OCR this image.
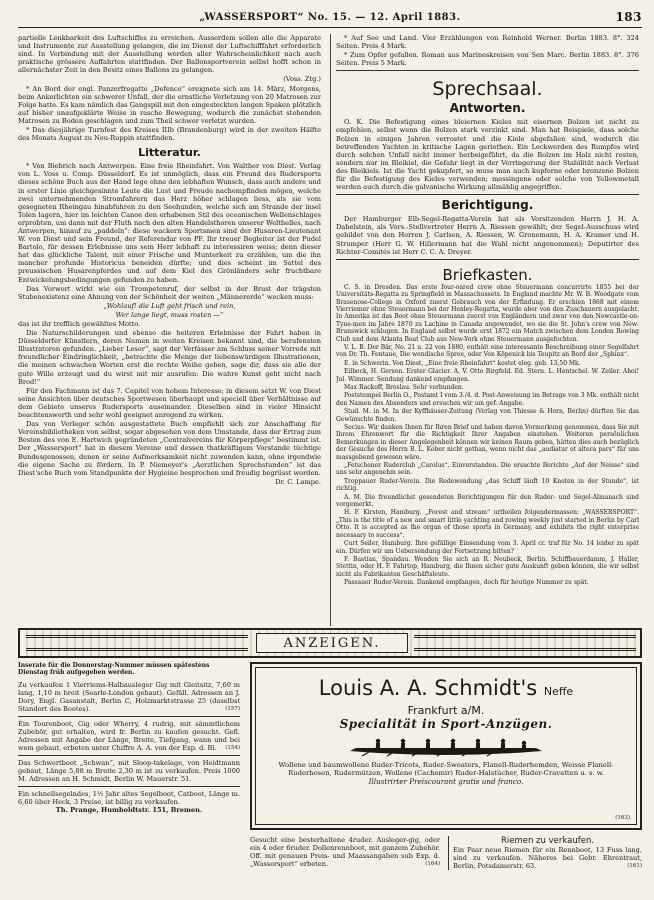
„WASSERSPORT“ No. 15. — 12. April 1883.	183

partielle Lenkbarkeit des Luftschiffes zu erreichen. Ausserdem sollen alle die Apparate und Instrumente zur Ausstellung gelangen, die im Dienst der Luftschifffahrt erforderlich sind. In Verbindung mit der Ausstellung werden aller Wahrscheinlichkeit nach auch praktische grössere Auffahrten stattfinden. Der Ballonsportverein selbst hofft schon in allernächster Zeit in den Besitz eines Ballons zu gelangen.

(Voss. Ztg.)

* An Bord der engl. Panzerfregatte „Defence“ ereignete sich am 14. März, Morgens, beim Ankerlichten ein schwerer Unfall, der die ernstliche Verletzung von 20 Matrosen zur Folge hatte. Es kam nämlich das Gangspill mit den eingesteckten langen Spaken plötzlich auf bisher unaufgeklärte Weise in rasche Bewegung, wodurch die zunächst stehenden Matrosen zu Boden geschlagen und zum Theil schwer verletzt wurden.

* Das diesjährige Turnfest des Kreises IIIb (Brandenburg) wird in der zweiten Hälfte des Monats August zu Neu-Ruppin stattfinden.

Litteratur.

* Von Biebrich nach Antwerpen. Eine freie Rheinfahrt. Von Walther von Diest. Verlag von L. Voss u. Comp. Düsseldorf. Es ist unmöglich, dass ein Freund des Rudersports dieses schöne Buch aus der Hand lege ohne den lebhaften Wunsch, dass auch andere und in erster Linie gleichgesinnte Leute die Lust und Freude nachempfinden mögen, welche zwei unternehmenden Stromfahrern das Herz höher schlagen liess, als sie vom gesegneten Rheingau hinabfuhren zu den Seehunden, welche sich am Strande der insel Tolen lagern, hier im leichten Canoe den erhabenen Stil des oceanischen Wellenschlages erprobten, um dann mit der Fluth nach den alten Handelsthoren unserer Welthelles, nach Antwerpen, hinauf zu „paddeln“: diese wackern Sportsmen sind der Husaren-Lieutenant W. von Diest und sein Freund, der Referendar von PF. Ihr treuer Begleiter ist der Pudel Bartolo, für dessen Erlebnisse uns sein Herr lebhaft zu interessiren weiss; denn dieser hat das glückliche Talent, mit einer Frische und Munterkeit zu erzählen, um die ihn mancher profunde Historicus beneiden dürfte; und dies scheint im Sattel des preussischen Husarenpferdes und auf dem Kiel des Grönländers sehr fruchtbare Entwickelungsbedingungen gefunden zu haben.

Das Vorwort wirkt wie ein Trompetenruf, der selbst in der Brust der trägsten Stubenexistenz eine Ahnung von der Schönheit der weiten „Männererde“ wecken muss:

„Wohlauf! die Luft geht frisch und rein,

Wer lange liegt, muss rosten —“

das ist ihr trefflich gewähltes Motto.

Die Naturschilderungen und ebenso die heiteren Erlebnisse der Fahrt haben in Düsseldorfer Künstlern, deren Namen in weiten Kreisen bekannt sind, die berufensten Illustratoren gefunden. „Lieber Leser“, sagt der Verfasser am Schluss seiner Vorrede mit freundlicher Eindringlichkeit, „betrachte die Menge der liebenswürdigen Illustrationen, die meinen schwachen Worten erst die rechte Weihe geben, sage dir, dass sie alle der gute Wille erzeugt und du wirst mit mir ausrufen: Die wahre Kunst geht nicht nach Brod!“

Für den Fachmann ist das 7. Capitel von hohem Interesse; in diesem setzt W. von Diest seine Ansichten über deutsches Sportwesen überhaupt und speciell über Verhältnisse auf dem Gebiete unseres Rudersports auseinander. Dieselben sind in vieler Hinsicht beachtenswerth und sehr wohl geeignet anregend zu wirken.

Das von Verleger schön ausgestattete Buch empfiehlt sich zur Anschaffung für Vereinsbibliotheken von selbst, sogar abgesehen von dem Umstande, dass der Ertrag zum Besten des von E. Hartwich gegründeten „Centralvereins für Körperpflege“ bestimmt ist. Der „Wassersport“ hat in diesem Vereine und dessen thatkräftigem Vorstande tüchtige Bundesgenossen, denen er seine Aufmerksamkeit nicht zuwenden kann, ohne irgendwie die eigene Sache zu fördern. In P. Niemeyer's „Aerztlichen Sprechstunden“ ist das Diest'sche Buch vom Standpunkte der Hygieine besprochen und freudig begrüsst worden.

Dr. C. Lampe.

* Auf See und Land. Vier Erzählungen von Reinhold Werner. Berlin 1883. 8°. 324 Seiten. Preis 4 Mark.

* Zum Opfer gefallen. Roman aus Marineskreisen von Sen Marc. Berlin 1883. 8°. 376 Seiten. Preis 5 Mark.

Sprechsaal.
Antworten.

O. K. Die Befestigung eines bleiernen Kieles mit eisernen Bolzen ist nicht zu empfehlen, selbst wenn die Bolzen stark verzinkt sind. Man hat Beispiele, dass solche Bolzen in einigen Jahren verrostet und die Kiele abgefallen sind, wodurch die betreffenden Yachten in kritische Lagen geriethen. Ein Leckwerden des Rumpfes wird durch solchen Unfall nicht immer herbeigeführt, da die Bolzen im Holz nicht rosten, sondern nur im Bleikiel, die Gefahr liegt in der Verringerung der Stabilität nach Verlust des Bleikiels. Ist die Yacht gekupfert, so muss man auch kupferne oder bronzene Bolzen für die Befestigung des Kieles verwenden; messingene oder solche von Yellowmetall werden auch durch die galvanische Wirkung allmählig angegriffen.

Berichtigung.

Der Hamburger Elb-Segel-Regatta-Verein hat als Vorsitzenden Herrn J. H. A. Dabelstein, als Vors.-Stellvertreter Herrn A. Riessen gewählt; der Segel-Ausschuss wird gebildet von den Herren J. Carlsen, A. Riessen, W. Gronemann, H. A. Kramer und H. Strumper (Herr G. W. Hillermann hat die Wahl nicht angenommen); Deputirter des Richter-Comités ist Herr C. C. A. Dreyer.

Briefkasten.

C. S. in Dresden. Das erste four-oared crew ohne Steuermann concurrirte 1855 bei der Universitäts-Regatta zu Springfield in Massachussets. In England machte Mr. W. B. Woodgate vom Brasenose-College in Oxford zuerst Gebrauch von der Erfindung. Er erschien 1868 mit einem Vierriemer ohne Steuermann bei der Henley-Regatta, wurde aber von den Zuschauern ausgelacht. In Amerika ist das Boot ohne Steuermann zuerst von Engländern und zwar von den Newcastle-on-Tyne-men im Jahre 1870 zu Lachine in Canada angewendet, wo sie die St. John's crew von New-Brunswick schlugen. In England selbst wurde erst 1872 ein Match zwischen dem London Rowing Club und dem Atlanta Boat Club aus New-York ohne Steuermann ausgefochten.

V. L. B. Der Bär, No. 21 u. 22 von 1880, enthält eine interessante Beschreibung einer Segelfahrt von Dr. Th. Fontane, Die wendische Spree, oder Von Köpenick bis Teupitz an Bord der „Sphinx“.

E. in Schwerin. Von Diest, „Eine freie Rheinfahrt“ kostet eleg. geb. 13,50 Mk.

Eilbeck, H. Gerson. Erster Glacier. A. V. Otto Birgfeld. Ed. Stern. L. Hentschel. W. Zeiler. Ahoi! Jul. Wimmer. Sendung dankend empfangen.

Max Rackoff, Breslau. Sehr verbunden.

Poststempel Berlin O., Postamt I vom 3./4. d. Post-Anweisung im Betrage von 3 Mk. enthält nicht den Namen des Absenders und ersuchen wir um gef. Angabe.

Stud. M. in M. In der Kyffhäuser-Zeitung (Verlag von Thiesse & Horn, Berlin) dürften Sie das Gewünschte finden.

Socius. Wir danken Ihnen für Ihren Brief und haben davon Vormerkung genommen, dass Sie mit Ihrem Ehrenwort für die Richtigkeit Ihrer Angaben einstehen. Weiteren persönlichen Bemerkungen in dieser Angelegenheit können wir keinen Raum geben, hätten dies auch bezüglich der Gesuche des Herrn B. L. Kober nicht gethan, wenn nicht das „audiatur et altera pars“ für uns massgebend gewesen wäre.

„Fetschener Ruderclub „Carolus“. Einverstanden. Die ersuchte Berichte „Auf der Neisse“ sind uns sehr angenehm sein.

Troppauer Ruder-Verein. Die Redewendung „das Schiff läuft 10 Knoten in der Stunde“, ist richtig.

A. M. Die freundlichst gesendeten Berichtigungen für den Ruder- und Segel-Almanach sind vorgemerkt.

H. F. Kirsten, Hamburg. „Forest and stream“ urtheilen folgendermassen: „WASSERSPORT“. „This is the title of a new and smart little yachting and rowing weekly just started in Berlin by Carl Otto. It is accepted as the organ of those sports in Germany, and exhibits the right enterprise necessary to success“.

Curt Seiler, Hamburg. Ihre gefällige Einsendung vom 3. April cr. traf für No. 14 leider zu spät ein. Dürfen wir um Uebersendung der Fortsetzung bitten?

F. Bastian, Spandau. Wenden Sie sich an R. Neubeck, Berlin, Schiffbauerdamm, J. Haller, Stettin, oder H. F. Fahrtop, Hamburg, die Ihnen sicher gute Auskunft geben können, die wir selbst nicht als Fabrikanten Geschäftsleute.

Passauer Ruder-Verein. Dankend empfangen, doch für heutige Nummer zu spät.

ANZEIGEN.
Inserate für die Donnerstag-Nummer müssen spätestens Dienstag früh aufgegeben werden.
Zu verkaufen 1 Vierriems-Halbausleger Gig mit Gleitsitz, 7,60 m lang, 1,10 m breit (Searle-London gebaut). Gefäll. Adressen an J. Dory, Engl. Gasanstalt, Berlin C, Holzmarktstrasse 25 (daselbst Standort des Bootes).	(157)
Ein Tourenboot, Gig oder Wherry, 4 rudrig, mit sämmtlichem Zubehör, gut erhalten, wird fr. Berlin zu kaufen gesucht. Gefl. Adressen mit Angabe der Länge, Breite, Tiefgang, wann und bei wem gebaut, erbeten unter Chiffre A. A. von der Exp. d. Bl. (154)
Das Schwertboot „Schwan“, mit Sloop-takelage, von Heidtmann gebaut, Länge 5,88 m Breite 2,30 m ist zu verkaufen. Preis 1000 M. Adressen an H. Schmidt, Berlin W. Mauerstr. 51.
Ein schnellsegelndes, 1½ Jahr altes Segelboot, Catboot, Länge m. 6,60 über Heck, 3 Preise, ist billig zu verkaufen.
Th. Prange, Humboldtstr. 151, Bremen.
Louis A. A. Schmidt's Neffe
Frankfurt a/M.
Specialität in Sport-Anzügen.
Wollene und baumwollene Ruder-Tricots, Ruder-Sweaters, Flanell-Ruderhemden, Weisse Flanell-Ruderhosen, Rudermützen, Wollene (Cachemir) Ruder-Halstücher, Ruder-Cravatten u. s. w.
Illustrirter Preiscourant gratis und franco.
(163)
Gesucht eine besterhaltene 4ruder. Ausleger-gig, oder ein 4 oder 6ruder. Dollenrennboot, mit ganzem Zubehör. Off. mit genauen Preis- und Maassangaben sub Exp. d. „Wassersport“ erbeten.	(164)
Riemen zu verkaufen.
Ein Paar neue Riemen für ein Rennboot, 13 Fuss lang, sind zu verkaufen. Näheres bei Gebr. Ehrentraut, Berlin, Potsdamerstr. 63.	(161)
